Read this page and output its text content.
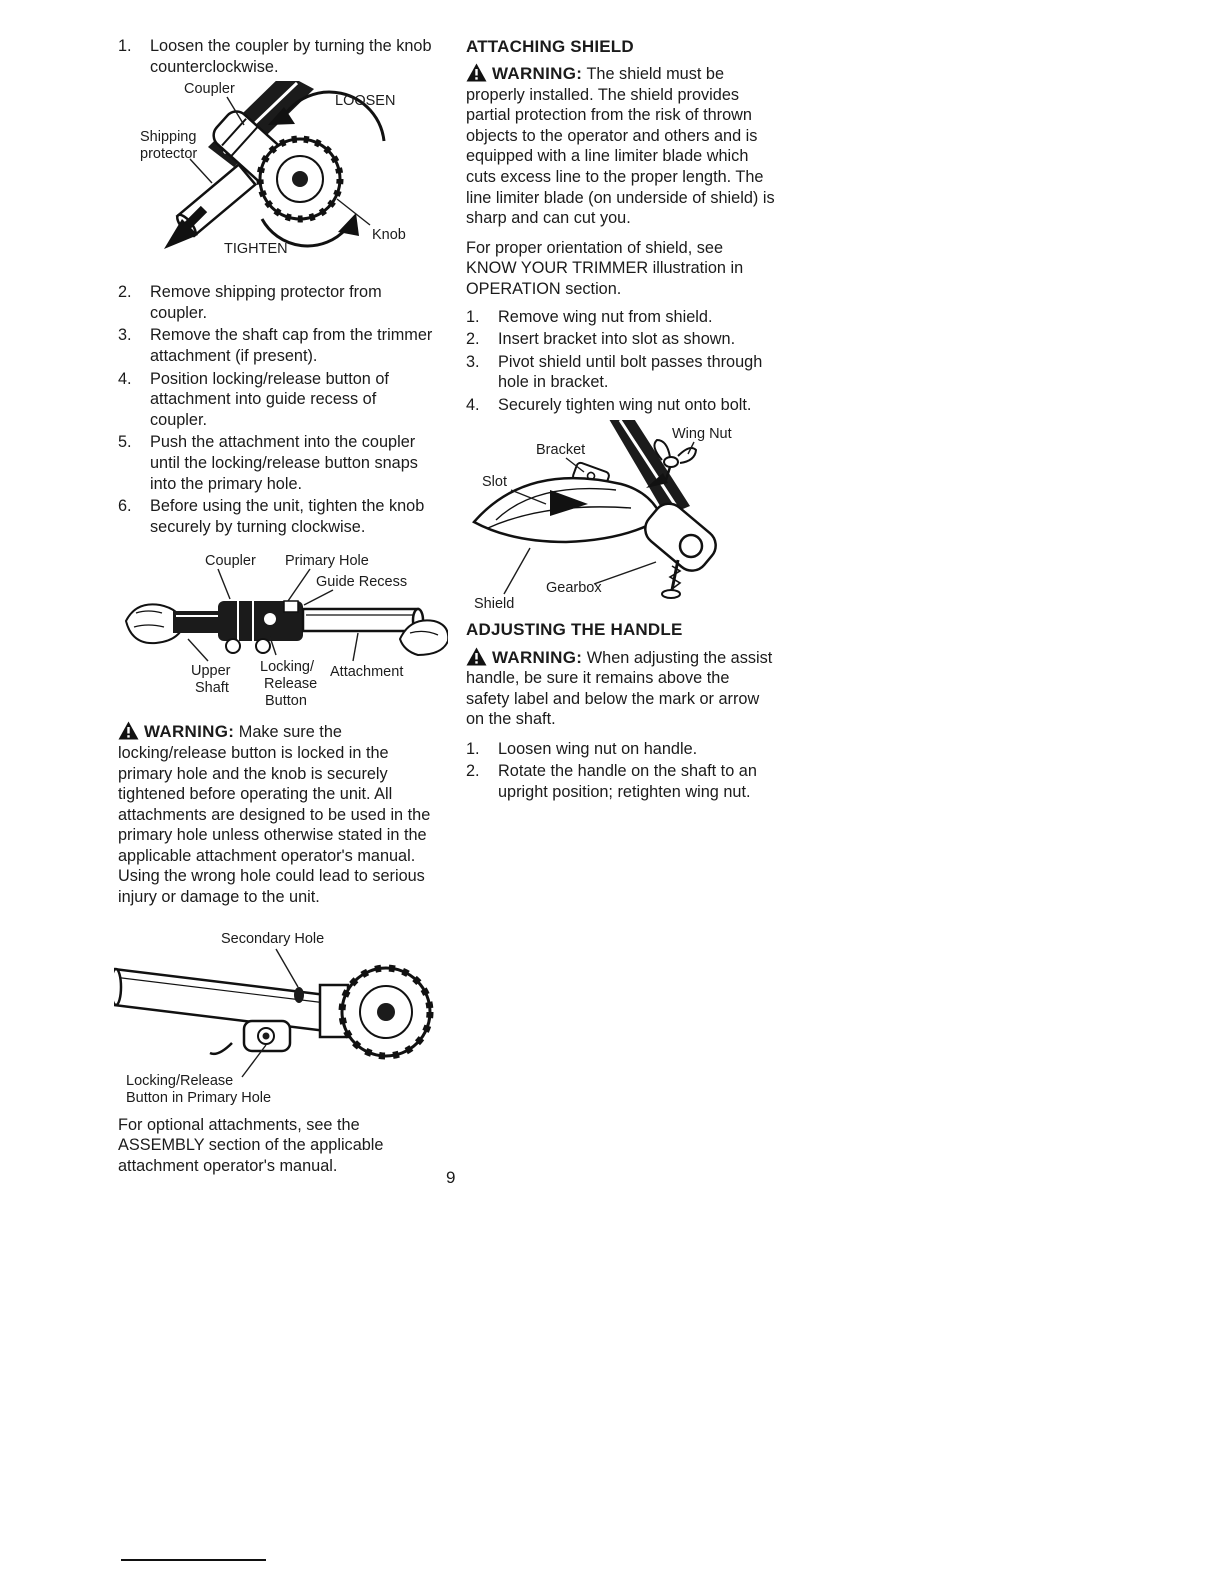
1.	Loosen the coupler by turning the knob counterclockwise.
Coupler
LOOSEN
Shipping
protector
TIGHTEN
Knob
2.	Remove shipping protector from coupler.
3.	Remove the shaft cap from the trimmer attachment (if present).
4.	Position locking/release button of attachment into guide recess of coupler.
5.	Push the attachment into the coupler until the locking/release button snaps into the primary hole.
6.	Before using the unit, tighten the knob securely by turning clockwise.
Coupler Primary Hole
Guide Recess
Upper
Shaft
Locking/
Release
Button
Attachment

WARNING: Make sure the locking/release button is locked in the primary hole and the knob is securely tightened before operating the unit. All attachments are designed to be used in the primary hole unless otherwise stated in the applicable attachment operator's manual. Using the wrong hole could lead to serious injury or damage to the unit.

Secondary Hole
Locking/Release
Button in Primary Hole

For optional attachments, see the ASSEMBLY section of the applicable attachment operator's manual.

ATTACHING SHIELD

WARNING: The shield must be properly installed. The shield provides partial protection from the risk of thrown objects to the operator and others and is equipped with a line limiter blade which cuts excess line to the proper length. The line limiter blade (on underside of shield) is sharp and can cut you.

For proper orientation of shield, see KNOW YOUR TRIMMER illustration in OPERATION section.

1.	Remove wing nut from shield.
2.	Insert bracket into slot as shown.
3.	Pivot shield until bolt passes through hole in bracket.
4.	Securely tighten wing nut onto bolt.
Wing Nut
Bracket
Slot
Gearbox
Shield
ADJUSTING THE HANDLE

WARNING: When adjusting the assist handle, be sure it remains above the safety label and below the mark or arrow on the shaft.

1.	Loosen wing nut on handle.
2.	Rotate the handle on the shaft to an upright position; retighten wing nut.
9
